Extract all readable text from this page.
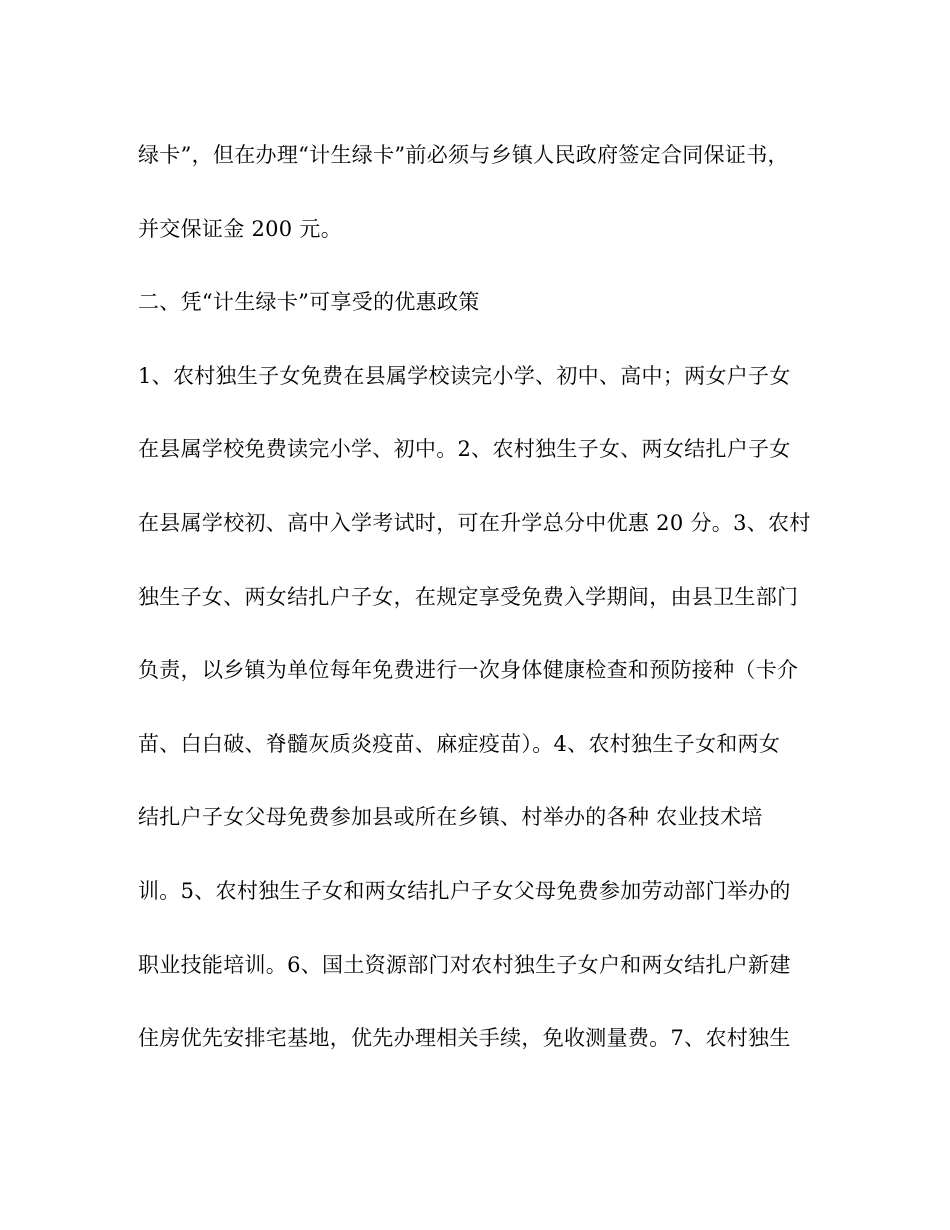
绿卡”，但在办理“计生绿卡”前必须与乡镇人民政府签定合同保证书，
并交保证金 200 元。
二、凭“计生绿卡”可享受的优惠政策
1、农村独生子女免费在县属学校读完小学、初中、高中；两女户子女
在县属学校免费读完小学、初中。2、农村独生子女、两女结扎户子女
在县属学校初、高中入学考试时，可在升学总分中优惠 20 分。3、农村
独生子女、两女结扎户子女，在规定享受免费入学期间，由县卫生部门
负责，以乡镇为单位每年免费进行一次身体健康检查和预防接种（卡介
苗、白白破、脊髓灰质炎疫苗、麻症疫苗）。4、农村独生子女和两女
结扎户子女父母免费参加县或所在乡镇、村举办的各种 农业技术培
训。5、农村独生子女和两女结扎户子女父母免费参加劳动部门举办的
职业技能培训。6、国土资源部门对农村独生子女户和两女结扎户新建
住房优先安排宅基地，优先办理相关手续，免收测量费。7、农村独生
